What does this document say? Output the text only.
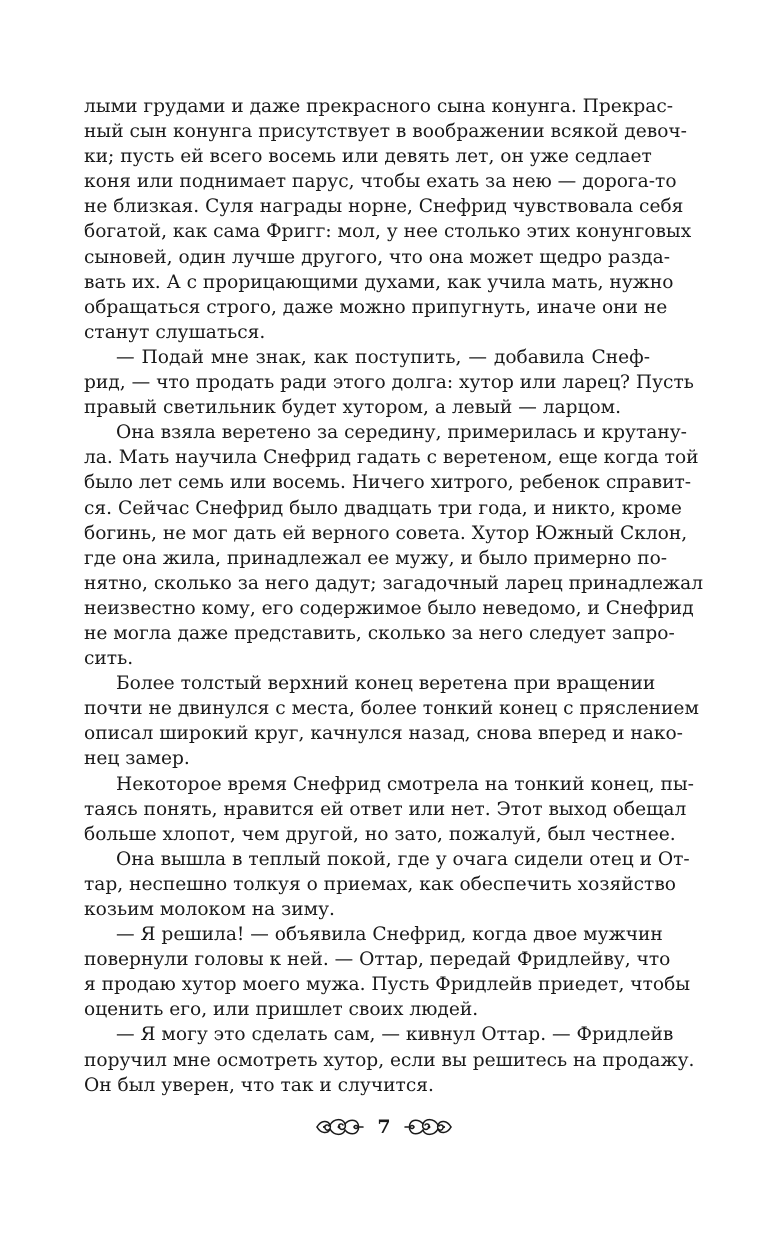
лыми грудами и даже прекрасного сына конунга. Прекрас-
ный сын конунга присутствует в воображении всякой девоч-
ки; пусть ей всего восемь или девять лет, он уже седлает
коня или поднимает парус, чтобы ехать за нею — дорога-то
не близкая. Суля награды норне, Снефрид чувствовала себя
богатой, как сама Фригг: мол, у нее столько этих конунговых
сыновей, один лучше другого, что она может щедро разда-
вать их. А с прорицающими духами, как учила мать, нужно
обращаться строго, даже можно припугнуть, иначе они не
станут слушаться.
— Подай мне знак, как поступить, — добавила Снеф-
рид, — что продать ради этого долга: хутор или ларец? Пусть
правый светильник будет хутором, а левый — ларцом.
Она взяла веретено за середину, примерилась и крутану-
ла. Мать научила Снефрид гадать с веретеном, еще когда той
было лет семь или восемь. Ничего хитрого, ребенок справит-
ся. Сейчас Снефрид было двадцать три года, и никто, кроме
богинь, не мог дать ей верного совета. Хутор Южный Склон,
где она жила, принадлежал ее мужу, и было примерно по-
нятно, сколько за него дадут; загадочный ларец принадлежал
неизвестно кому, его содержимое было неведомо, и Снефрид
не могла даже представить, сколько за него следует запро-
сить.
Более толстый верхний конец веретена при вращении
почти не двинулся с места, более тонкий конец с пряслением
описал широкий круг, качнулся назад, снова вперед и нако-
нец замер.
Некоторое время Снефрид смотрела на тонкий конец, пы-
таясь понять, нравится ей ответ или нет. Этот выход обещал
больше хлопот, чем другой, но зато, пожалуй, был честнее.
Она вышла в теплый покой, где у очага сидели отец и От-
тар, неспешно толкуя о приемах, как обеспечить хозяйство
козьим молоком на зиму.
— Я решила! — объявила Снефрид, когда двое мужчин
повернули головы к ней. — Оттар, передай Фридлейву, что
я продаю хутор моего мужа. Пусть Фридлейв приедет, чтобы
оценить его, или пришлет своих людей.
— Я могу это сделать сам, — кивнул Оттар. — Фридлейв
поручил мне осмотреть хутор, если вы решитесь на продажу.
Он был уверен, что так и случится.
7
